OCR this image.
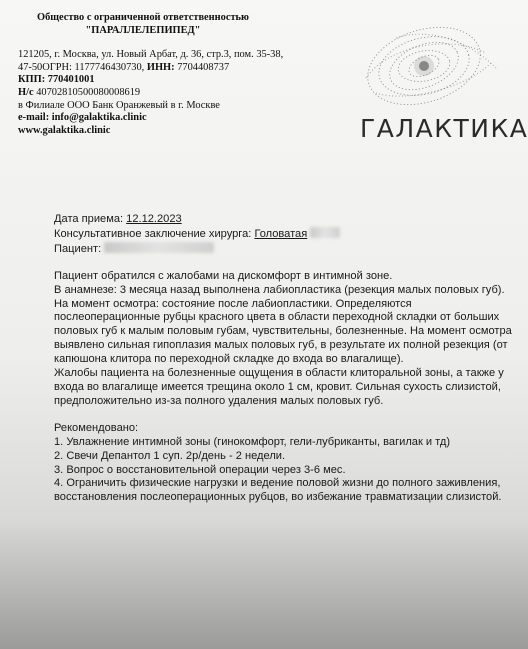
Общество с ограниченной ответственностью
"ПАРАЛЛЕЛЕПИПЕД"
121205, г. Москва, ул. Новый Арбат, д. 36, стр.3, пом. 35-38,
47-50ОГРН: 1177746430730, ИНН: 7704408737
КПП: 770401001
Н/с 40702810500080008619
в Филиале ООО Банк Оранжевый в г. Москве
e-mail: info@galaktika.clinic
www.galaktika.clinic	ГАЛАКТИКА

Дата приема: 12.12.2023

Консультативное заключение хирурга: Головатая

Пациент:

Пациент обратился с жалобами на дискомфорт в интимной зоне.

В анамнезе: 3 месяца назад выполнена лабиопластика (резекция малых половых губ).

На момент осмотра: состояние после лабиопластики. Определяются послеоперационные рубцы красного цвета в области переходной складки от больших половых губ к малым половым губам, чувствительны, болезненные. На момент осмотра выявлено сильная гипоплазия малых половых губ, в результате их полной резекция (от капюшона клитора по переходной складке до входа во влагалище).

Жалобы пациента на болезненные ощущения в области клиторальной зоны, а также у входа во влагалище имеется трещина около 1 см, кровит. Сильная сухость слизистой, предположительно из-за полного удаления малых половых губ.

Рекомендовано:

1. Увлажнение интимной зоны (гинокомфорт, гели-лубриканты, вагилак и тд)

2. Свечи Депантол 1 суп. 2р/день - 2 недели.

3. Вопрос о восстановительной операции через 3-6 мес.

4. Ограничить физические нагрузки и ведение половой жизни до полного заживления, восстановления послеоперационных рубцов, во избежание травматизации слизистой.
